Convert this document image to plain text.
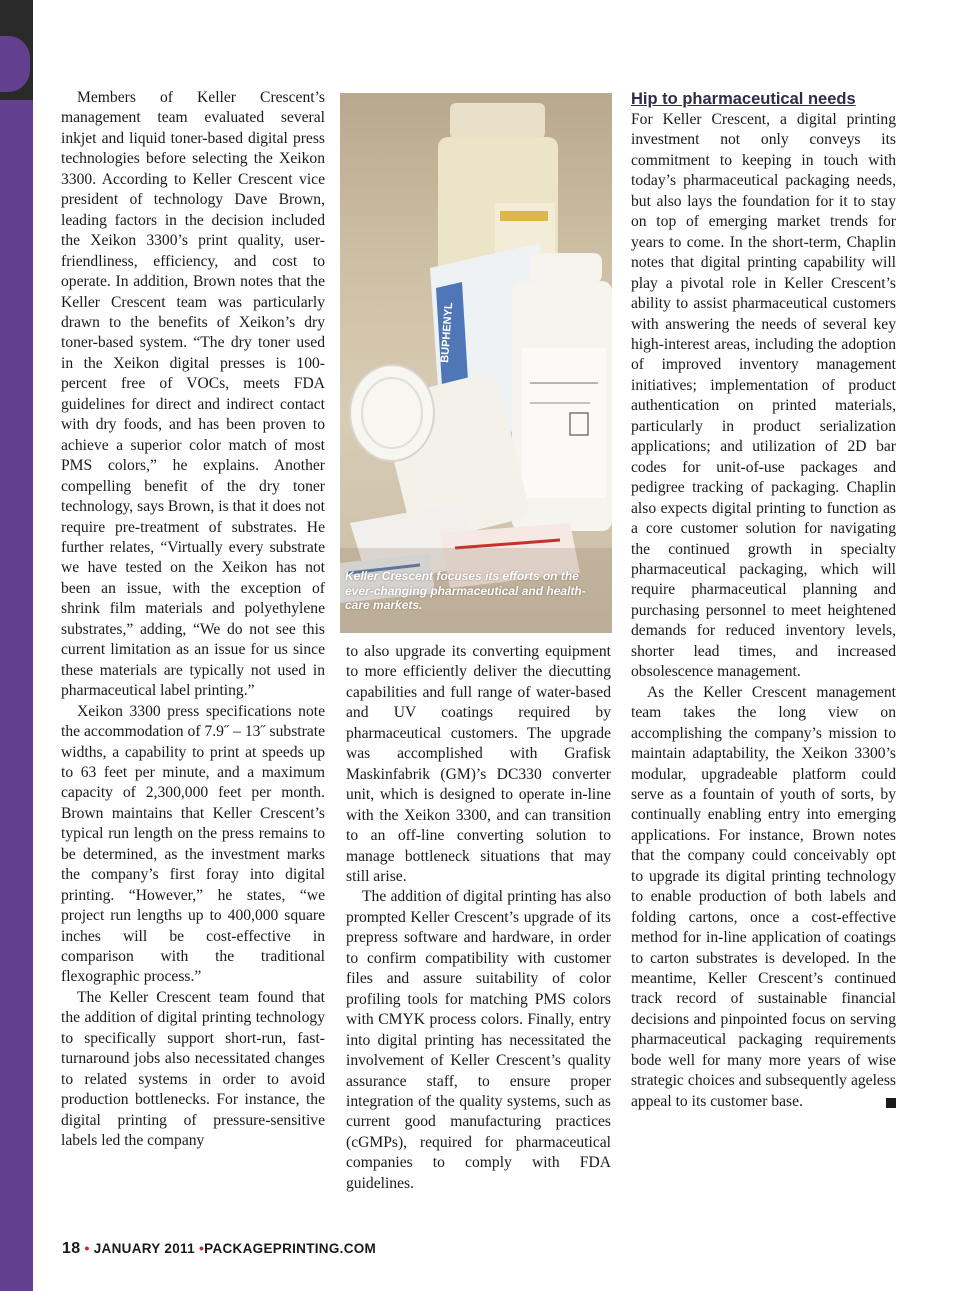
Members of Keller Crescent’s management team evaluated several inkjet and liquid toner-based digital press technologies before selecting the Xeikon 3300. According to Keller Crescent vice president of technology Dave Brown, leading factors in the decision included the Xeikon 3300’s print quality, user-friendliness, efficiency, and cost to operate. In addition, Brown notes that the Keller Crescent team was particularly drawn to the benefits of Xeikon’s dry toner-based system. “The dry toner used in the Xeikon digital presses is 100-percent free of VOCs, meets FDA guidelines for direct and indirect contact with dry foods, and has been proven to achieve a superior color match of most PMS colors,” he explains. Another compelling benefit of the dry toner technology, says Brown, is that it does not require pre-treatment of substrates. He further relates, “Virtually every substrate we have tested on the Xeikon has not been an issue, with the exception of shrink film materials and polyethylene substrates,” adding, “We do not see this current limitation as an issue for us since these materials are typically not used in pharmaceutical label printing.”

Xeikon 3300 press specifications note the accommodation of 7.9˝ – 13˝ substrate widths, a capability to print at speeds up to 63 feet per minute, and a maximum capacity of 2,300,000 feet per month. Brown maintains that Keller Crescent’s typical run length on the press remains to be determined, as the investment marks the company’s first foray into digital printing. “However,” he states, “we project run lengths up to 400,000 square inches will be cost-effective in comparison with the traditional flexographic process.”

The Keller Crescent team found that the addition of digital printing technology to specifically support short-run, fast-turnaround jobs also necessitated changes to related systems in order to avoid production bottlenecks. For instance, the digital printing of pressure-sensitive labels led the company

BUPHENYL
Keller Crescent focuses its efforts on the ever-changing pharmaceutical and health-care markets.

to also upgrade its converting equipment to more efficiently deliver the diecutting capabilities and full range of water-based and UV coatings required by pharmaceutical customers. The upgrade was accomplished with Grafisk Maskinfabrik (GM)’s DC330 converter unit, which is designed to operate in-line with the Xeikon 3300, and can transition to an off-line converting solution to manage bottleneck situations that may still arise.

The addition of digital printing has also prompted Keller Crescent’s upgrade of its prepress software and hardware, in order to confirm compatibility with customer files and assure suitability of color profiling tools for matching PMS colors with CMYK process colors. Finally, entry into digital printing has necessitated the involvement of Keller Crescent’s quality assurance staff, to ensure proper integration of the quality systems, such as current good manufacturing practices (cGMPs), required for pharmaceutical companies to comply with FDA guidelines.

Hip to pharmaceutical needs

For Keller Crescent, a digital printing investment not only conveys its commitment to keeping in touch with today’s pharmaceutical packaging needs, but also lays the foundation for it to stay on top of emerging market trends for years to come. In the short-term, Chaplin notes that digital printing capability will play a pivotal role in Keller Crescent’s ability to assist pharmaceutical customers with answering the needs of several key high-interest areas, including the adoption of improved inventory management initiatives; implementation of product authentication on printed materials, particularly in product serialization applications; and utilization of 2D bar codes for unit-of-use packages and pedigree tracking of packaging. Chaplin also expects digital printing to function as a core customer solution for navigating the continued growth in specialty pharmaceutical packaging, which will require pharmaceutical planning and purchasing personnel to meet heightened demands for reduced inventory levels, shorter lead times, and increased obsolescence management.

As the Keller Crescent management team takes the long view on accomplishing the company’s mission to maintain adaptability, the Xeikon 3300’s modular, upgradeable platform could serve as a fountain of youth of sorts, by continually enabling entry into emerging applications. For instance, Brown notes that the company could conceivably opt to upgrade its digital printing technology to enable production of both labels and folding cartons, once a cost-effective method for in-line application of coatings to carton substrates is developed. In the meantime, Keller Crescent’s continued track record of sustainable financial decisions and pinpointed focus on serving pharmaceutical packaging requirements bode well for many more years of wise strategic choices and subsequently ageless appeal to its customer base.

18 • JANUARY 2011 •PACKAGEPRINTING.COM
